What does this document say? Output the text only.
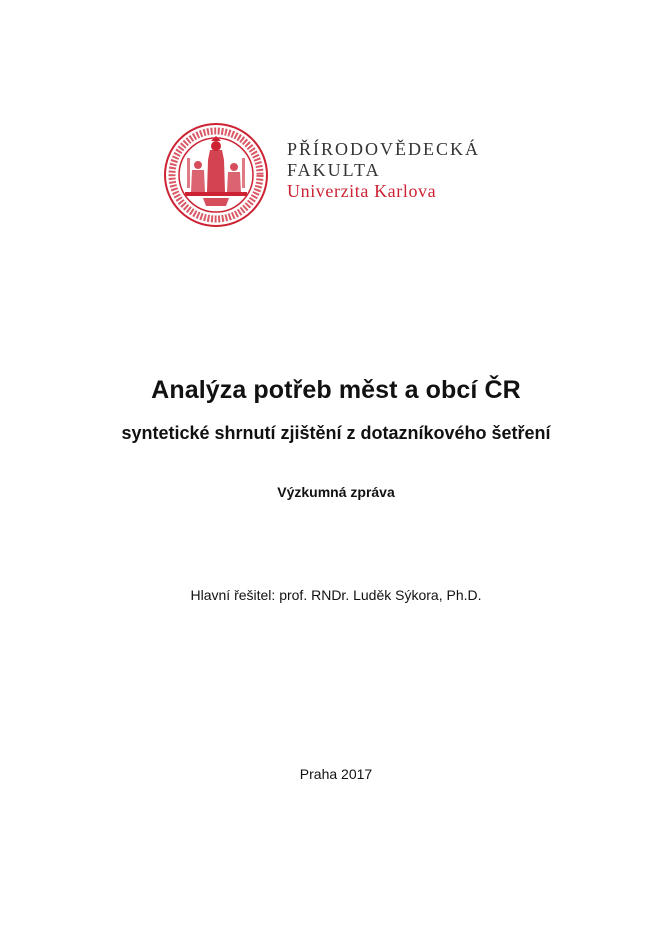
PŘÍRODOVĚDECKÁ
FAKULTA
Univerzita Karlova
Analýza potřeb měst a obcí ČR
syntetické shrnutí zjištění z dotazníkového šetření
Výzkumná zpráva
Hlavní řešitel: prof. RNDr. Luděk Sýkora, Ph.D.
Praha 2017
